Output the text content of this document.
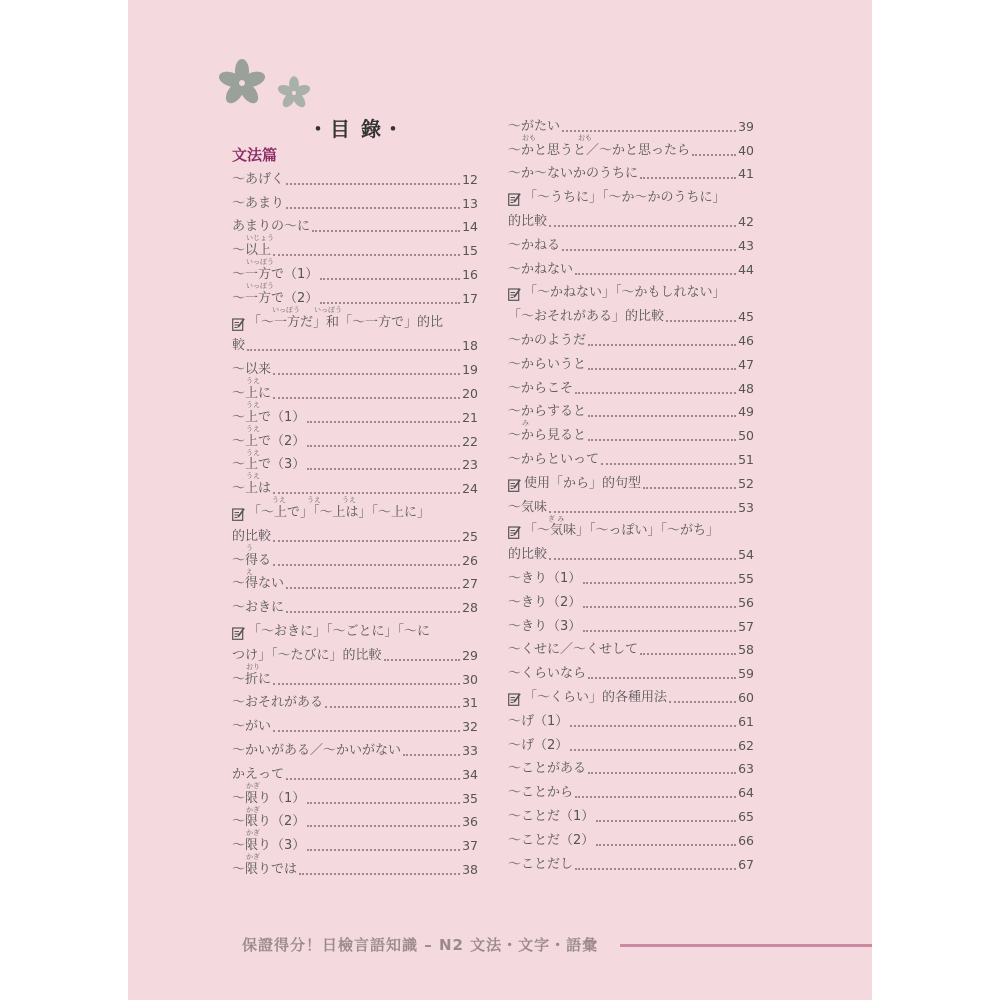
・目 錄・
文法篇
～あげく	12
～あまり	13
あまりの～に	14
～以上	15
いじょう
～一方で（1）	16
いっぽう
～一方で（2）	17
いっぽう
「～一方だ」和「～一方で」的比
いっぽう　　いっぽう
較	18
～以来	19
～上に	20
うえ
～上で（1）	21
うえ
～上で（2）	22
うえ
～上で（3）	23
うえ
～上は	24
うえ
「～上で」「～上は」「～上に」
うえ　　　うえ　　　うえ
的比較	25
～得る	26
う
～得ない	27
え
～おきに	28
「～おきに」「～ごとに」「～に
つけ」「～たびに」的比較	29
～折に	30
おり
～おそれがある	31
～がい	32
～かいがある／～かいがない	33
かえって	34
～限り（1）	35
かぎ
～限り（2）	36
かぎ
～限り（3）	37
かぎ
～限りでは	38
かぎ
～がたい	39
～かと思うと／～かと思ったら	40
おも　　　　　　おも
～か～ないかのうちに	41
「～うちに」「～か～かのうちに」
的比較	42
～かねる	43
～かねない	44
「～かねない」「～かもしれない」
「～おそれがある」的比較	45
～かのようだ	46
～からいうと	47
～からこそ	48
～からすると	49
～から見ると	50
み
～からといって	51
使用「から」的句型	52
～気味	53
「～気味」「～っぽい」「～がち」
ぎ み
的比較	54
～きり（1）	55
～きり（2）	56
～きり（3）	57
～くせに／～くせして	58
～くらいなら	59
「～くらい」的各種用法	60
～げ（1）	61
～げ（2）	62
～ことがある	63
～ことから	64
～ことだ（1）	65
～ことだ（2）	66
～ことだし	67
保證得分！日檢言語知識 – N2 文法・文字・語彙
